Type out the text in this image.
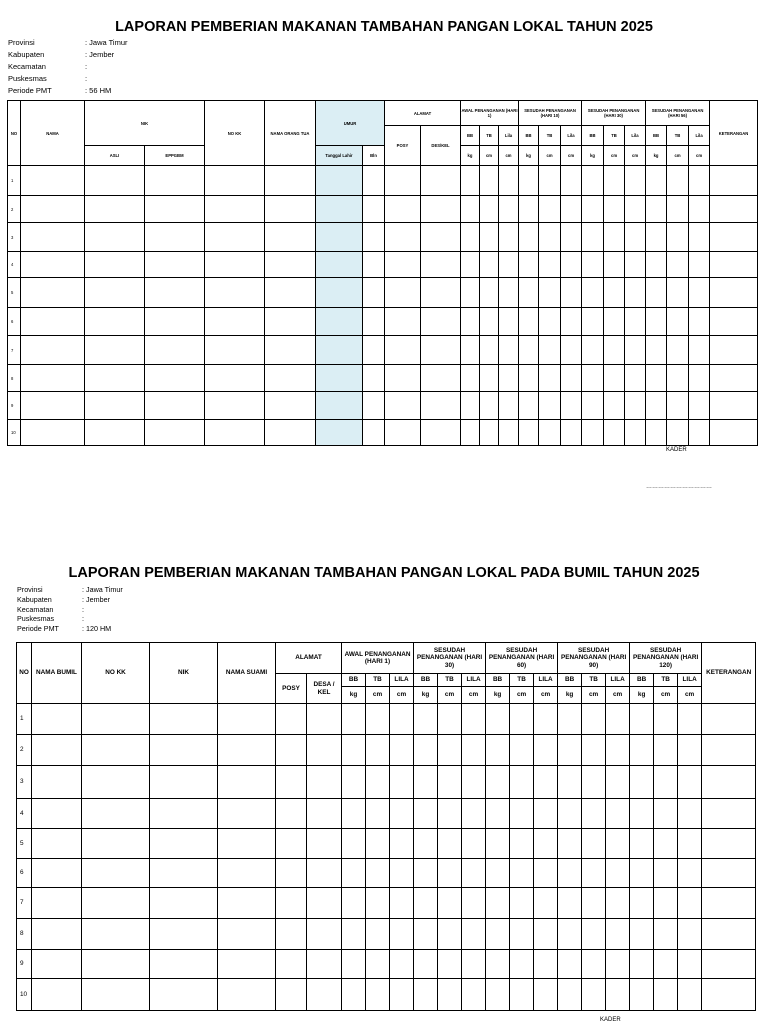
LAPORAN PEMBERIAN MAKANAN TAMBAHAN PANGAN LOKAL TAHUN 2025
Provinsi	: Jawa Timur
Kabupaten	: Jember
Kecamatan	:
Puskesmas	:
Periode PMT	: 56 HM
NO	NAMA	NIK		NO KK	NAMA ORANG TUA	UMUR		ALAMAT		AWAL PENANGANAN (HARI 1)			SESUDAH PENANGANAN (HARI 10)			SESUDAH PENANGANAN (HARI 30)			SESUDAH PENANGANAN (HARI 56)			KETERANGAN
								POSY	DES/KEL	BB	TB	Lila	BB	TB	Lila	BB	TB	Lila	BB	TB	Lila	
		ASLI	EPPGBM			Tanggal Lahir	Bln			kg	cm	cm	kg	cm	cm	kg	cm	cm	kg	cm	cm	
1																						
2																						
3																						
4																						
5																						
6																						
7																						
8																						
9																						
10																						
KADER
……………………………
LAPORAN PEMBERIAN MAKANAN TAMBAHAN PANGAN LOKAL PADA BUMIL TAHUN 2025
Provinsi	: Jawa Timur
Kabupaten	: Jember
Kecamatan	:
Puskesmas	:
Periode PMT	: 120 HM
NO	NAMA BUMIL	NO KK	NIK	NAMA SUAMI	ALAMAT		AWAL PENANGANAN (HARI 1)			SESUDAH PENANGANAN (HARI 30)			SESUDAH PENANGANAN (HARI 60)			SESUDAH PENANGANAN (HARI 90)			SESUDAH PENANGANAN (HARI 120)			KETERANGAN
					POSY	DESA / KEL	BB	TB	LILA	BB	TB	LILA	BB	TB	LILA	BB	TB	LILA	BB	TB	LILA	
							kg	cm	cm	kg	cm	cm	kg	cm	cm	kg	cm	cm	kg	cm	cm	
1																						
2																						
3																						
4																						
5																						
6																						
7																						
8																						
9																						
10																						
KADER
